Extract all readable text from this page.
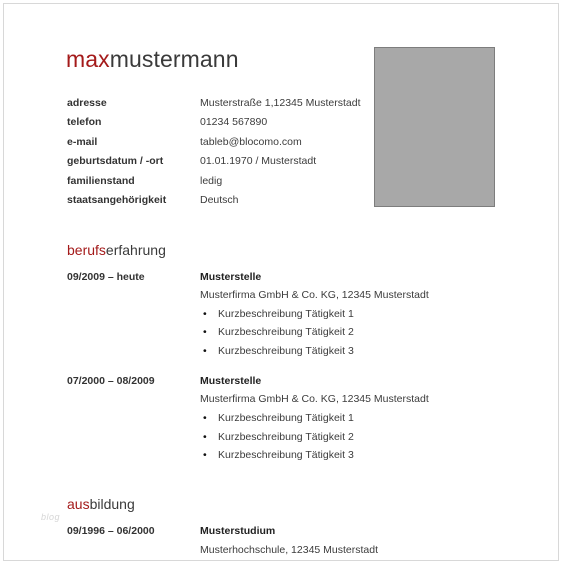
maxmustermann
adresse	Musterstraße 1,12345 Musterstadt
telefon	01234 567890
e-mail	tableb@blocomo.com
geburtsdatum / -ort	01.01.1970 / Musterstadt
familienstand	ledig
staatsangehörigkeit	Deutsch
berufserfahrung
09/2009 – heute	Musterstelle
Musterfirma GmbH & Co. KG, 12345 Musterstadt
• Kurzbeschreibung Tätigkeit 1
• Kurzbeschreibung Tätigkeit 2
• Kurzbeschreibung Tätigkeit 3
07/2000 – 08/2009	Musterstelle
Musterfirma GmbH & Co. KG, 12345 Musterstadt
• Kurzbeschreibung Tätigkeit 1
• Kurzbeschreibung Tätigkeit 2
• Kurzbeschreibung Tätigkeit 3
ausbildung
blog
09/1996 – 06/2000	Musterstudium
Musterhochschule, 12345 Musterstadt
